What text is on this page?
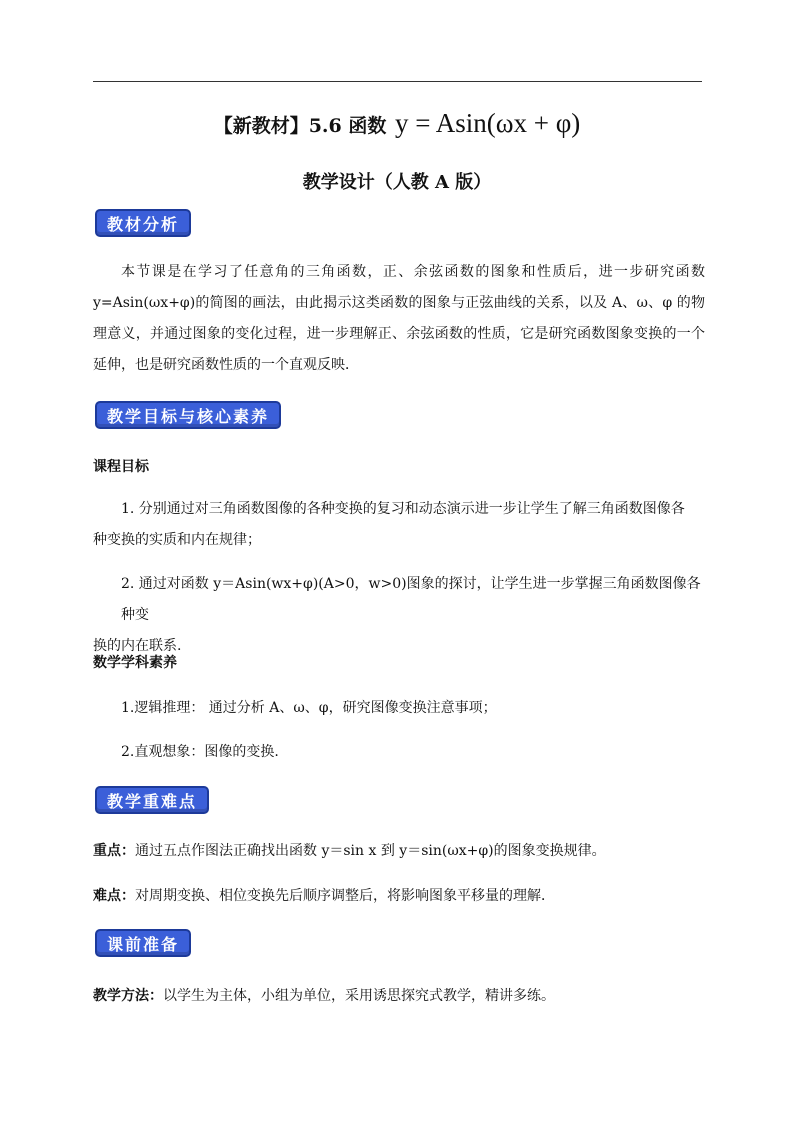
【新教材】5.6 函数 y = Asin(ωx + φ)
教学设计（人教 A 版）
教材分析
本节课是在学习了任意角的三角函数，正、余弦函数的图象和性质后，进一步研究函数 y=Asin(ωx+φ)的简图的画法，由此揭示这类函数的图象与正弦曲线的关系，以及 A、ω、φ 的物理意义，并通过图象的变化过程，进一步理解正、余弦函数的性质，它是研究函数图象变换的一个延伸，也是研究函数性质的一个直观反映．
教学目标与核心素养
课程目标
1. 分别通过对三角函数图像的各种变换的复习和动态演示进一步让学生了解三角函数图像各
种变换的实质和内在规律；
2. 通过对函数 y＝Asin(wx+φ)(A>0，w>0)图象的探讨，让学生进一步掌握三角函数图像各种变
换的内在联系.
数学学科素养
1.逻辑推理： 通过分析 A、ω、φ，研究图像变换注意事项；
2.直观想象：图像的变换.
教学重难点
重点：通过五点作图法正确找出函数 y＝sin x 到 y＝sin(ωx+φ)的图象变换规律。
难点：对周期变换、相位变换先后顺序调整后，将影响图象平移量的理解．
课前准备
教学方法：以学生为主体，小组为单位，采用诱思探究式教学，精讲多练。
